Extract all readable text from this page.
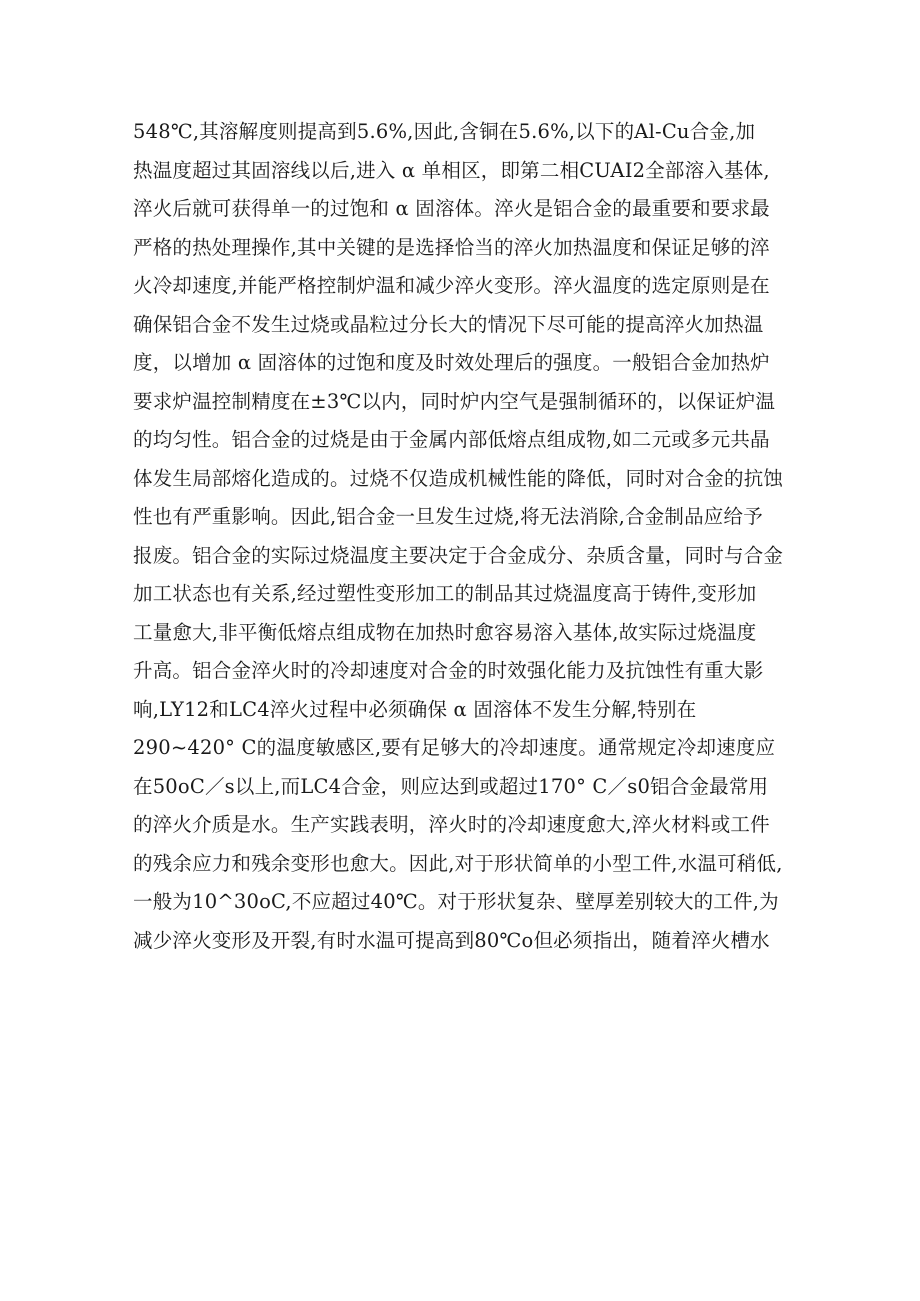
548℃,其溶解度则提高到5.6%,因此,含铜在5.6%,以下的Al-Cu合金,加
热温度超过其固溶线以后,进入 α 单相区，即第二相CUAI2全部溶入基体,
淬火后就可获得单一的过饱和 α 固溶体。淬火是铝合金的最重要和要求最
严格的热处理操作,其中关键的是选择恰当的淬火加热温度和保证足够的淬
火冷却速度,并能严格控制炉温和减少淬火变形。淬火温度的选定原则是在
确保铝合金不发生过烧或晶粒过分长大的情况下尽可能的提高淬火加热温
度，以增加 α 固溶体的过饱和度及时效处理后的强度。一般铝合金加热炉
要求炉温控制精度在±3℃以内，同时炉内空气是强制循环的，以保证炉温
的均匀性。铝合金的过烧是由于金属内部低熔点组成物,如二元或多元共晶
体发生局部熔化造成的。过烧不仅造成机械性能的降低，同时对合金的抗蚀
性也有严重影响。因此,铝合金一旦发生过烧,将无法消除,合金制品应给予
报废。铝合金的实际过烧温度主要决定于合金成分、杂质含量，同时与合金
加工状态也有关系,经过塑性变形加工的制品其过烧温度高于铸件,变形加
工量愈大,非平衡低熔点组成物在加热时愈容易溶入基体,故实际过烧温度
升高。铝合金淬火时的冷却速度对合金的时效强化能力及抗蚀性有重大影
响,LY12和LC4淬火过程中必须确保 α 固溶体不发生分解,特别在
290~420° C的温度敏感区,要有足够大的冷却速度。通常规定冷却速度应
在50oC／s以上,而LC4合金，则应达到或超过170° C／s0铝合金最常用
的淬火介质是水。生产实践表明，淬火时的冷却速度愈大,淬火材料或工件
的残余应力和残余变形也愈大。因此,对于形状简单的小型工件,水温可稍低,
一般为10^30oC,不应超过40℃。对于形状复杂、壁厚差别较大的工件,为
减少淬火变形及开裂,有时水温可提高到80℃o但必须指出，随着淬火槽水
